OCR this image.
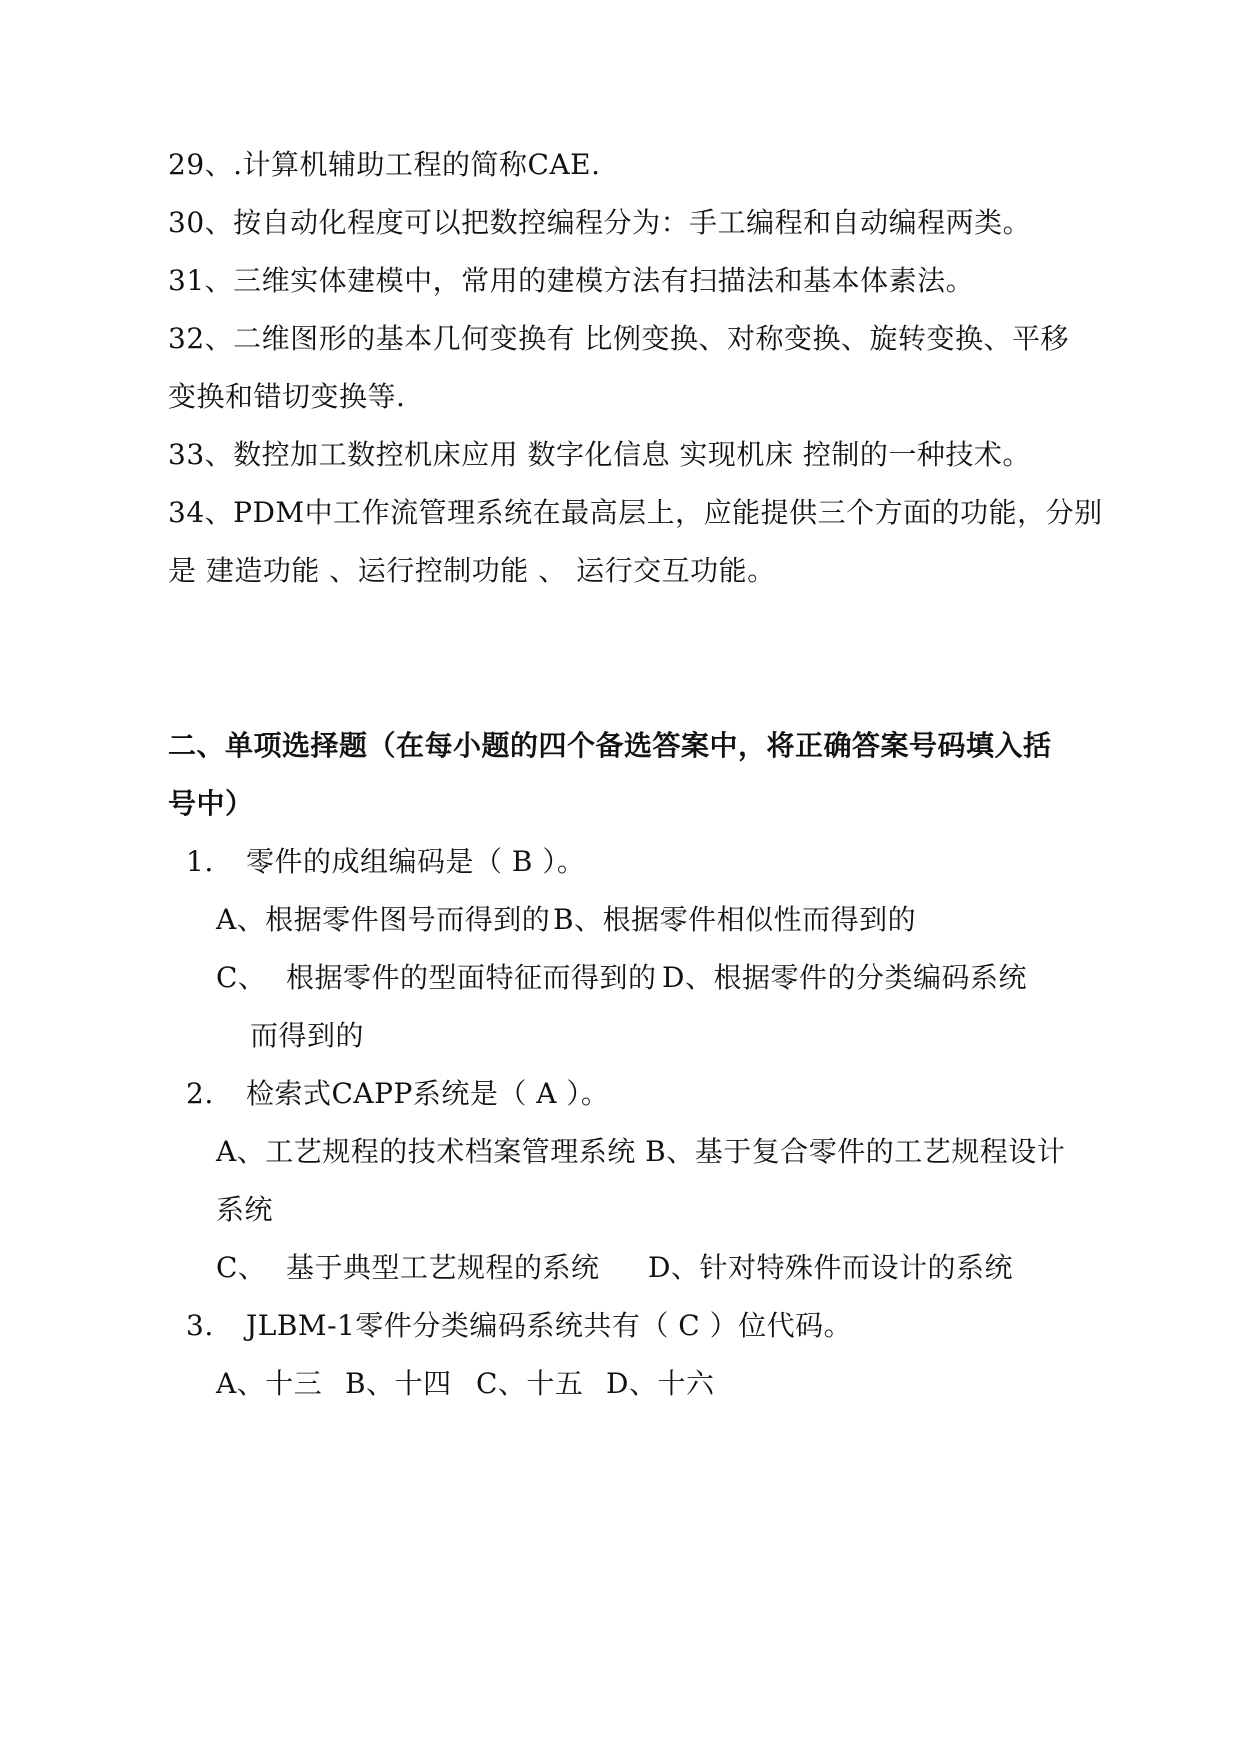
29、.计算机辅助工程的简称CAE.
30、按自动化程度可以把数控编程分为：手工编程和自动编程两类。
31、三维实体建模中，常用的建模方法有扫描法和基本体素法。
32、二维图形的基本几何变换有 比例变换、对称变换、旋转变换、平移
变换和错切变换等.
33、数控加工数控机床应用 数字化信息 实现机床 控制的一种技术。
34、PDM中工作流管理系统在最高层上，应能提供三个方面的功能，分别
是 建造功能 、运行控制功能 、 运行交互功能。
二、单项选择题（在每小题的四个备选答案中，将正确答案号码填入括
号中）
1. 零件的成组编码是（ B ）。
A、根据零件图号而得到的 B、根据零件相似性而得到的
C、 根据零件的型面特征而得到的 D、根据零件的分类编码系统
而得到的
2. 检索式CAPP系统是（ A ）。
A、工艺规程的技术档案管理系统 B、基于复合零件的工艺规程设计
系统
C、 基于典型工艺规程的系统 D、针对特殊件而设计的系统
3. JLBM-1零件分类编码系统共有（ C ）位代码。
A、十三 B、十四 C、十五 D、十六
